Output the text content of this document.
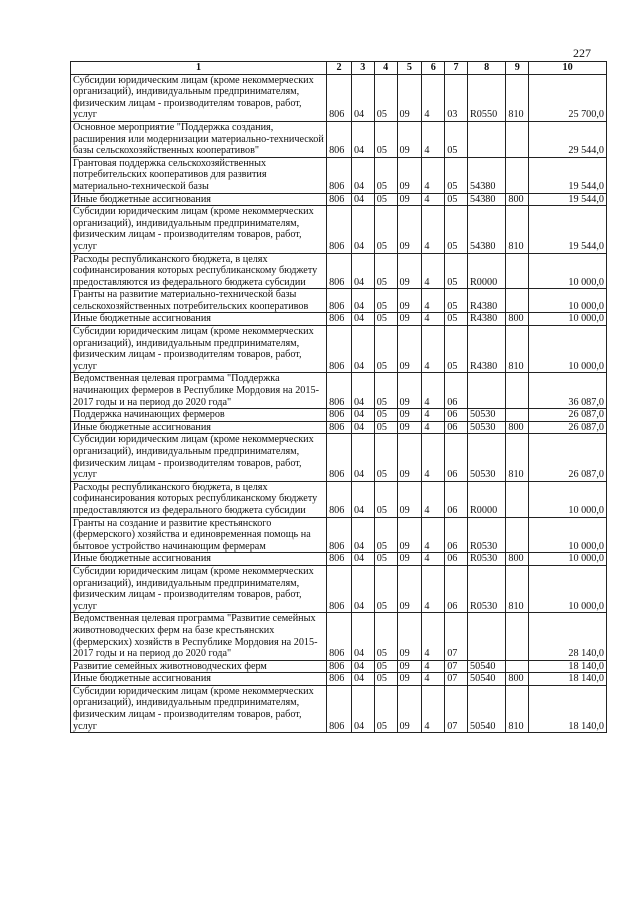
227
1	2	3	4	5	6	7	8	9	10
Субсидии юридическим лицам (кроме некоммерческих организаций), индивидуальным предпринимателям, физическим лицам - производителям товаров, работ, услуг	806	04	05	09	4	03	R0550	810	25 700,0
Основное мероприятие "Поддержка создания, расширения или модернизации материально-технической базы сельскохозяйственных кооперативов"	806	04	05	09	4	05			29 544,0
Грантовая поддержка сельскохозяйственных потребительских кооперативов для развития материально-технической базы	806	04	05	09	4	05	54380		19 544,0
Иные бюджетные ассигнования	806	04	05	09	4	05	54380	800	19 544,0
Субсидии юридическим лицам (кроме некоммерческих организаций), индивидуальным предпринимателям, физическим лицам - производителям товаров, работ, услуг	806	04	05	09	4	05	54380	810	19 544,0
Расходы республиканского бюджета, в целях софинансирования которых республиканскому бюджету предоставляются из федерального бюджета субсидии	806	04	05	09	4	05	R0000		10 000,0
Гранты на развитие материально-технической базы сельскохозяйственных потребительских кооперативов	806	04	05	09	4	05	R4380		10 000,0
Иные бюджетные ассигнования	806	04	05	09	4	05	R4380	800	10 000,0
Субсидии юридическим лицам (кроме некоммерческих организаций), индивидуальным предпринимателям, физическим лицам - производителям товаров, работ, услуг	806	04	05	09	4	05	R4380	810	10 000,0
Ведомственная целевая программа "Поддержка начинающих фермеров в Республике Мордовия на 2015-2017 годы и на период до 2020 года"	806	04	05	09	4	06			36 087,0
Поддержка начинающих фермеров	806	04	05	09	4	06	50530		26 087,0
Иные бюджетные ассигнования	806	04	05	09	4	06	50530	800	26 087,0
Субсидии юридическим лицам (кроме некоммерческих организаций), индивидуальным предпринимателям, физическим лицам - производителям товаров, работ, услуг	806	04	05	09	4	06	50530	810	26 087,0
Расходы республиканского бюджета, в целях софинансирования которых республиканскому бюджету предоставляются из федерального бюджета субсидии	806	04	05	09	4	06	R0000		10 000,0
Гранты на создание и развитие крестьянского (фермерского) хозяйства и единовременная помощь на бытовое устройство начинающим фермерам	806	04	05	09	4	06	R0530		10 000,0
Иные бюджетные ассигнования	806	04	05	09	4	06	R0530	800	10 000,0
Субсидии юридическим лицам (кроме некоммерческих организаций), индивидуальным предпринимателям, физическим лицам - производителям товаров, работ, услуг	806	04	05	09	4	06	R0530	810	10 000,0
Ведомственная целевая программа "Развитие семейных животноводческих ферм на базе крестьянских (фермерских) хозяйств в Республике Мордовия на 2015-2017 годы и на период до 2020 года"	806	04	05	09	4	07			28 140,0
Развитие семейных животноводческих ферм	806	04	05	09	4	07	50540		18 140,0
Иные бюджетные ассигнования	806	04	05	09	4	07	50540	800	18 140,0
Субсидии юридическим лицам (кроме некоммерческих организаций), индивидуальным предпринимателям, физическим лицам - производителям товаров, работ, услуг	806	04	05	09	4	07	50540	810	18 140,0
